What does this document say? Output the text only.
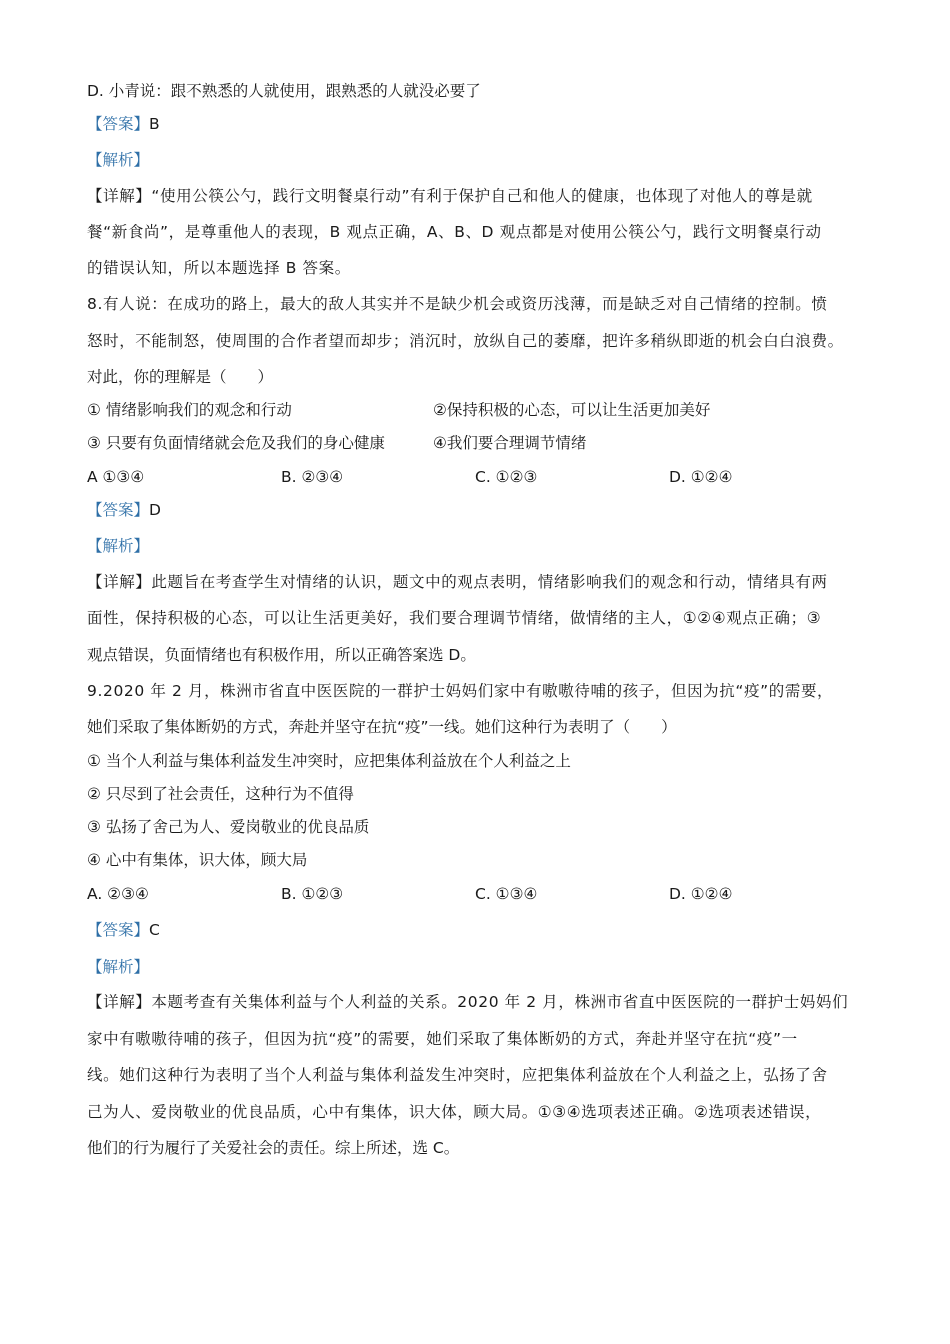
D. 小青说：跟不熟悉的人就使用，跟熟悉的人就没必要了
【答案】B
【解析】
【详解】“使用公筷公勺，践行文明餐桌行动”有利于保护自己和他人的健康，也体现了对他人的尊是就
餐“新食尚”，是尊重他人的表现，B 观点正确，A、B、D 观点都是对使用公筷公勺，践行文明餐桌行动
的错误认知，所以本题选择 B 答案。
8.有人说：在成功的路上，最大的敌人其实并不是缺少机会或资历浅薄，而是缺乏对自己情绪的控制。愤
怒时，不能制怒，使周围的合作者望而却步；消沉时，放纵自己的萎靡，把许多稍纵即逝的机会白白浪费。
对此，你的理解是（　　）
① 情绪影响我们的观念和行动	②保持积极的心态，可以让生活更加美好
③ 只要有负面情绪就会危及我们的身心健康	④我们要合理调节情绪
A ①③④	B. ②③④	C. ①②③	D. ①②④
【答案】D
【解析】
【详解】此题旨在考查学生对情绪的认识，题文中的观点表明，情绪影响我们的观念和行动，情绪具有两
面性，保持积极的心态，可以让生活更美好，我们要合理调节情绪，做情绪的主人，①②④观点正确；③
观点错误，负面情绪也有积极作用，所以正确答案选 D。
9.2020 年 2 月，株洲市省直中医医院的一群护士妈妈们家中有嗷嗷待哺的孩子，但因为抗“疫”的需要，
她们采取了集体断奶的方式，奔赴并坚守在抗“疫”一线。她们这种行为表明了（　　）
① 当个人利益与集体利益发生冲突时，应把集体利益放在个人利益之上
② 只尽到了社会责任，这种行为不值得
③ 弘扬了舍己为人、爱岗敬业的优良品质
④ 心中有集体，识大体，顾大局
A. ②③④	B. ①②③	C. ①③④	D. ①②④
【答案】C
【解析】
【详解】本题考查有关集体利益与个人利益的关系。2020 年 2 月，株洲市省直中医医院的一群护士妈妈们
家中有嗷嗷待哺的孩子，但因为抗“疫”的需要，她们采取了集体断奶的方式，奔赴并坚守在抗“疫”一
线。她们这种行为表明了当个人利益与集体利益发生冲突时，应把集体利益放在个人利益之上，弘扬了舍
己为人、爱岗敬业的优良品质，心中有集体，识大体，顾大局。①③④选项表述正确。②选项表述错误，
他们的行为履行了关爱社会的责任。综上所述，选 C。
